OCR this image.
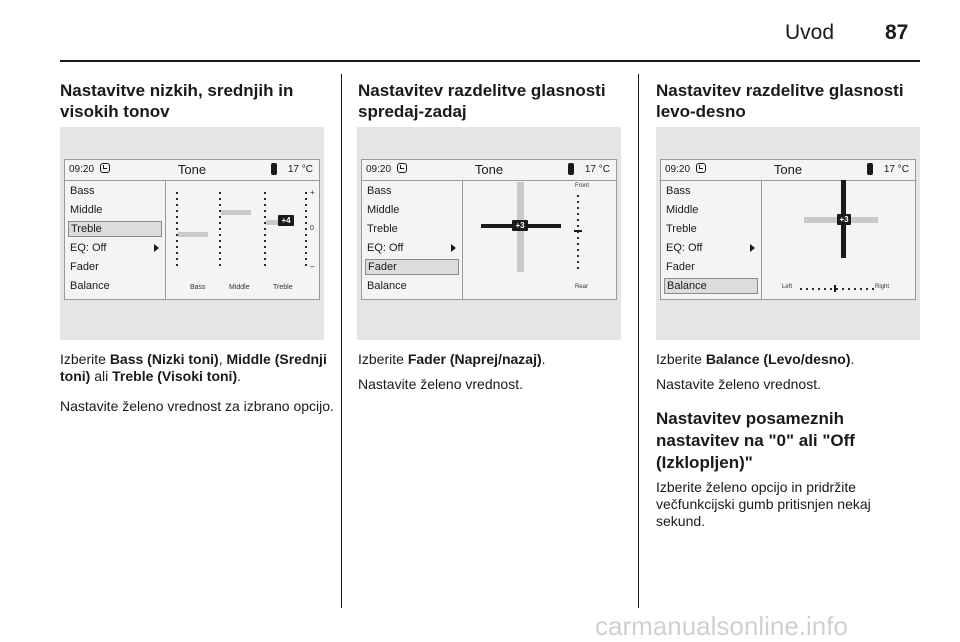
Uvod 87
Nastavitve nizkih, srednjih in visokih tonov
09:20	Tone	17 °C
Bass
Middle
Treble
EQ: Off
Fader
Balance
+4
+
0
–
Bass	Middle	Treble
Izberite Bass (Nizki toni), Middle (Srednji toni) ali Treble (Visoki toni).
Nastavite želeno vrednost za izbrano opcijo.
Nastavitev razdelitve glasnosti spredaj-zadaj
09:20	Tone	17 °C
Bass
Middle
Treble
EQ: Off
Fader
Balance
+3
Front
Rear
Izberite Fader (Naprej/nazaj).
Nastavite želeno vrednost.
Nastavitev razdelitve glasnosti levo-desno
09:20	Tone	17 °C
Bass
Middle
Treble
EQ: Off
Fader
Balance
+3
Left	Right
Izberite Balance (Levo/desno).
Nastavite želeno vrednost.
Nastavitev posameznih nastavitev na "0" ali "Off (Izklopljen)"
Izberite želeno opcijo in pridržite večfunkcijski gumb pritisnjen nekaj sekund.
carmanualsonline.info
